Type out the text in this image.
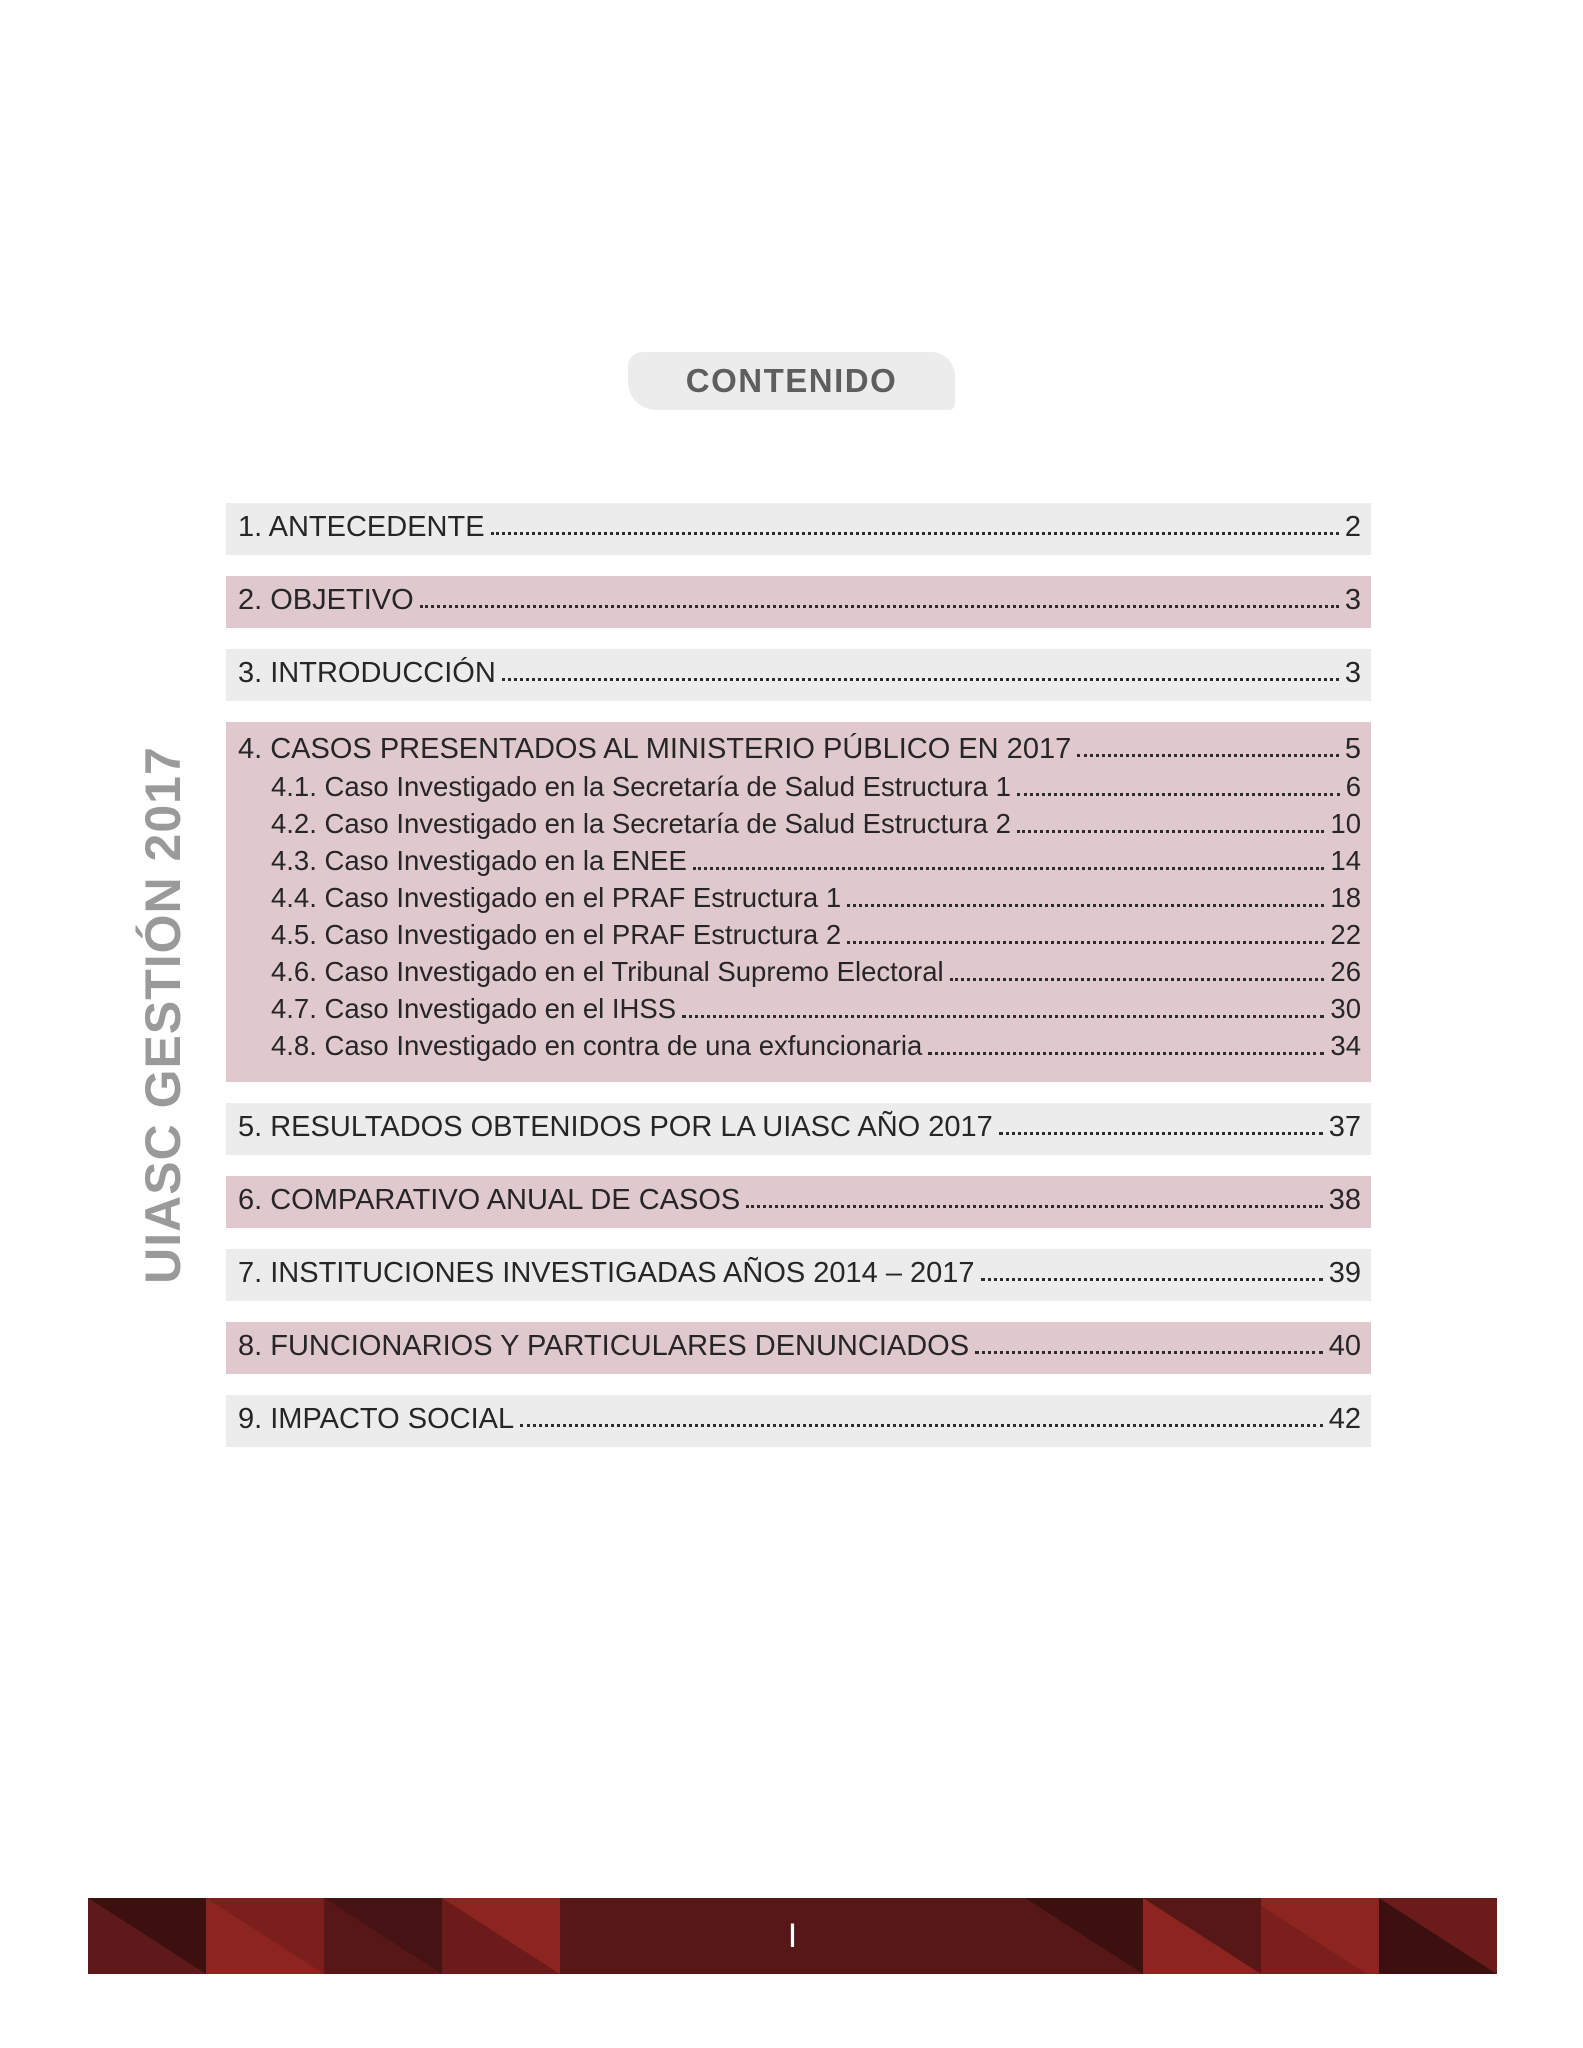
CONTENIDO
UIASC GESTIÓN 2017
1. ANTECEDENTE	2
2. OBJETIVO	3
3. INTRODUCCIÓN	3
4. CASOS PRESENTADOS AL MINISTERIO PÚBLICO EN 2017	5
4.1. Caso Investigado en la Secretaría de Salud Estructura 1	6
4.2. Caso Investigado en la Secretaría de Salud Estructura 2	10
4.3. Caso Investigado en la ENEE	14
4.4. Caso Investigado en el PRAF Estructura 1	18
4.5. Caso Investigado en el PRAF Estructura 2	22
4.6. Caso Investigado en el Tribunal Supremo Electoral	26
4.7. Caso Investigado en el IHSS	30
4.8. Caso Investigado en contra de una exfuncionaria	34
5. RESULTADOS OBTENIDOS POR LA UIASC AÑO 2017	37
6. COMPARATIVO ANUAL DE CASOS	38
7. INSTITUCIONES INVESTIGADAS AÑOS 2014 – 2017	39
8. FUNCIONARIOS Y PARTICULARES DENUNCIADOS	40
9. IMPACTO SOCIAL	42
I
